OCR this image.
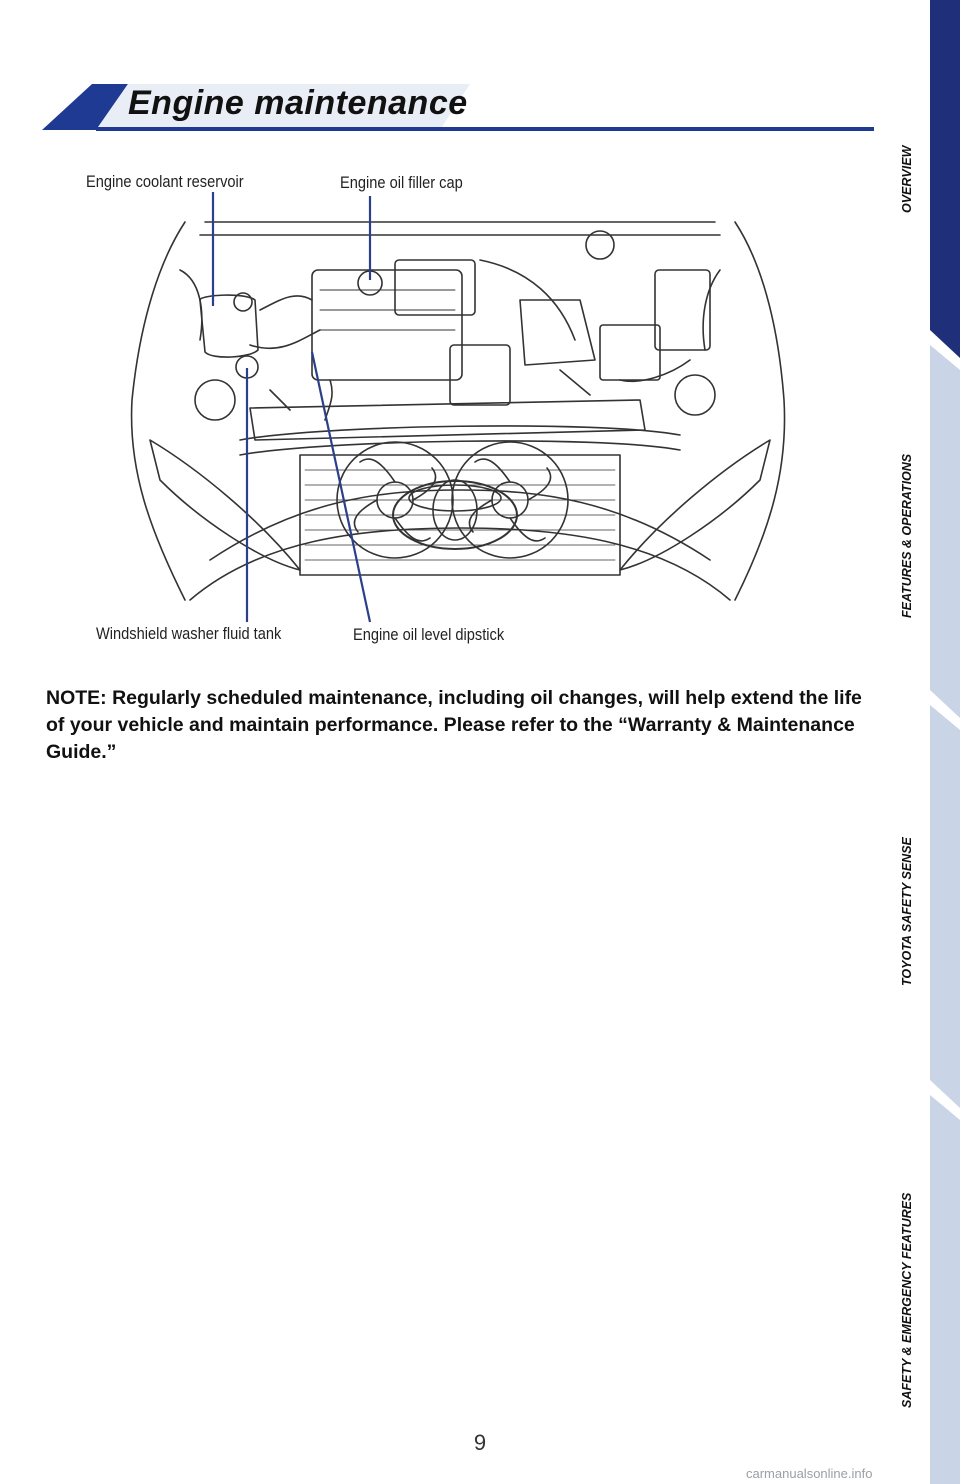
Engine maintenance
Engine coolant reservoir	Engine oil filler cap
Windshield washer fluid tank	Engine oil level dipstick

NOTE: Regularly scheduled maintenance, including oil changes, will help extend the life of your vehicle and maintain performance. Please refer to the “Warranty & Maintenance Guide.”

9
carmanualsonline.info
OVERVIEW
FEATURES & OPERATIONS
TOYOTA SAFETY SENSE
SAFETY & EMERGENCY FEATURES
